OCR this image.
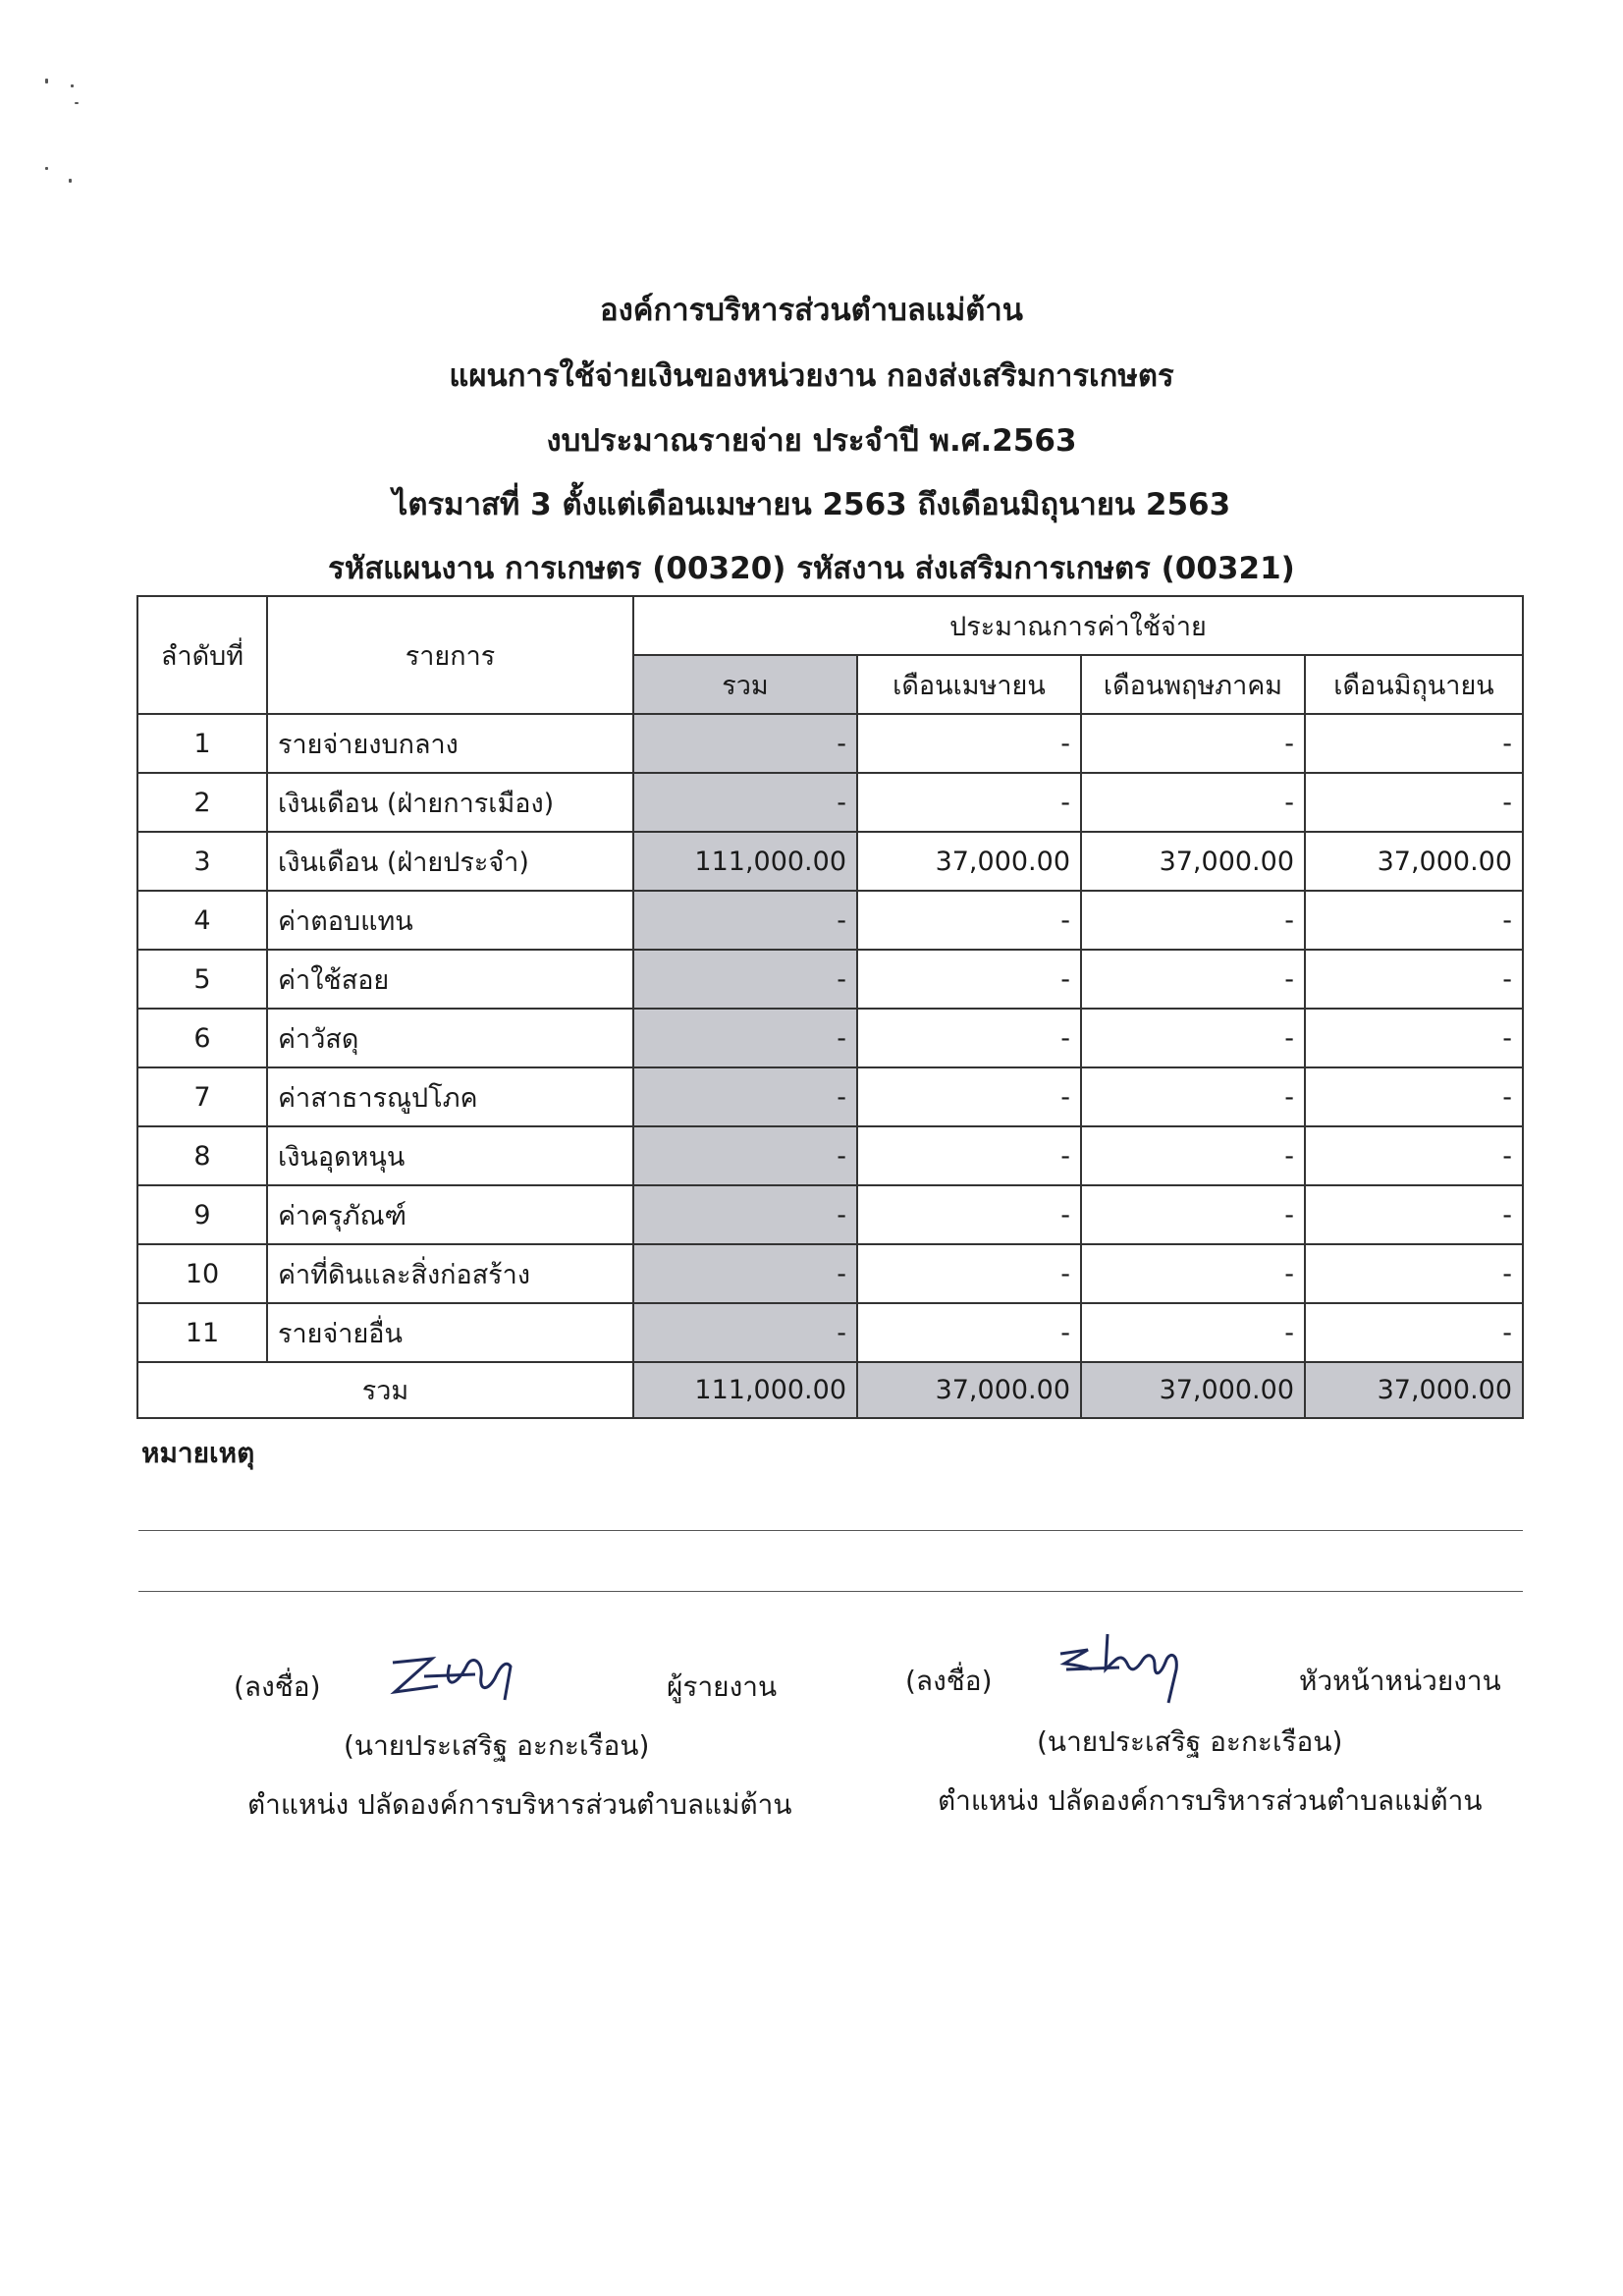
องค์การบริหารส่วนตำบลแม่ต้าน
แผนการใช้จ่ายเงินของหน่วยงาน กองส่งเสริมการเกษตร
งบประมาณรายจ่าย ประจำปี พ.ศ.2563
ไตรมาสที่ 3 ตั้งแต่เดือนเมษายน 2563 ถึงเดือนมิถุนายน 2563
รหัสแผนงาน การเกษตร (00320) รหัสงาน ส่งเสริมการเกษตร (00321)
ลำดับที่	รายการ	ประมาณการค่าใช้จ่าย			
		รวม	เดือนเมษายน	เดือนพฤษภาคม	เดือนมิถุนายน
1	รายจ่ายงบกลาง	-	-	-	-
2	เงินเดือน (ฝ่ายการเมือง)	-	-	-	-
3	เงินเดือน (ฝ่ายประจำ)	111,000.00	37,000.00	37,000.00	37,000.00
4	ค่าตอบแทน	-	-	-	-
5	ค่าใช้สอย	-	-	-	-
6	ค่าวัสดุ	-	-	-	-
7	ค่าสาธารณูปโภค	-	-	-	-
8	เงินอุดหนุน	-	-	-	-
9	ค่าครุภัณฑ์	-	-	-	-
10	ค่าที่ดินและสิ่งก่อสร้าง	-	-	-	-
11	รายจ่ายอื่น	-	-	-	-
รวม		111,000.00	37,000.00	37,000.00	37,000.00
หมายเหตุ
(ลงชื่อ)	ผู้รายงาน
(นายประเสริฐ อะกะเรือน)
ตำแหน่ง ปลัดองค์การบริหารส่วนตำบลแม่ต้าน
(ลงชื่อ)	หัวหน้าหน่วยงาน
(นายประเสริฐ อะกะเรือน)
ตำแหน่ง ปลัดองค์การบริหารส่วนตำบลแม่ต้าน
